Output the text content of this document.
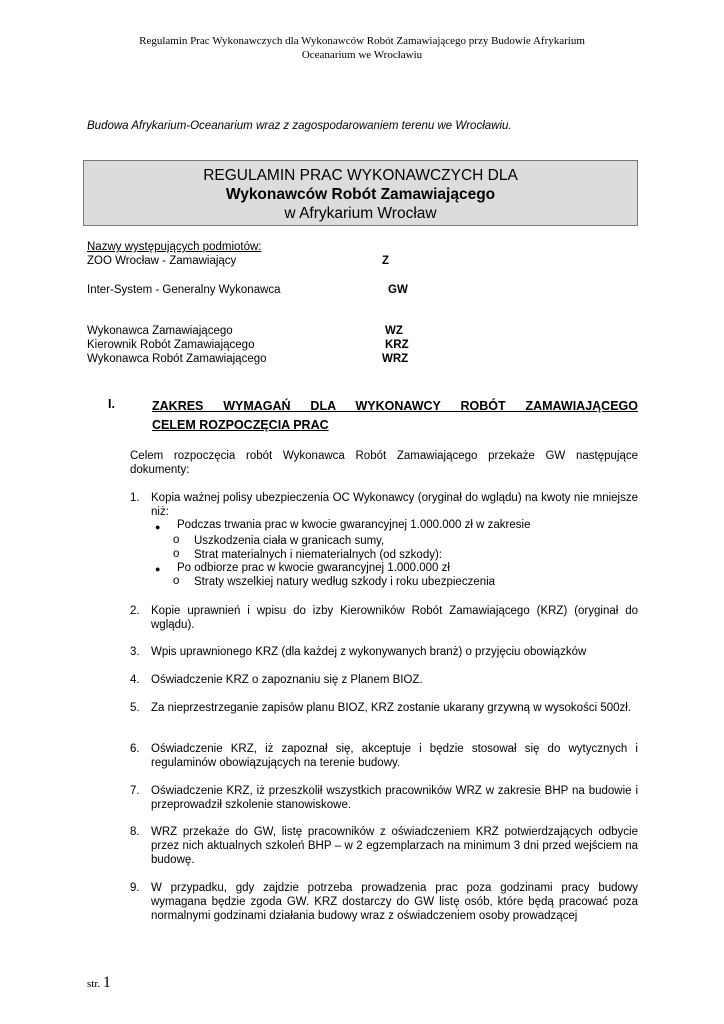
Regulamin Prac Wykonawczych dla Wykonawców Robót Zamawiającego przy Budowie Afrykarium
Oceanarium we Wrocławiu
Budowa Afrykarium-Oceanarium wraz z zagospodarowaniem terenu we Wrocławiu.
REGULAMIN PRAC WYKONAWCZYCH DLA
Wykonawców Robót Zamawiającego
w Afrykarium Wrocław
Nazwy występujących podmiotów:
ZOO Wrocław - Zamawiający	Z
Inter-System - Generalny Wykonawca	GW
Wykonawca Zamawiającego	WZ
Kierownik Robót Zamawiającego	KRZ
Wykonawca Robót Zamawiającego	WRZ
I.	ZAKRES WYMAGAŃ DLA WYKONAWCY ROBÓT ZAMAWIAJĄCEGO
CELEM ROZPOCZĘCIA PRAC
Celem rozpoczęcia robót Wykonawca Robót Zamawiającego przekaże GW następujące dokumenty:
1. Kopia ważnej polisy ubezpieczenia OC Wykonawcy (oryginał do wglądu) na kwoty nie mniejsze niż:
● Podczas trwania prac w kwocie gwarancyjnej 1.000.000 zł w zakresie
o Uszkodzenia ciała w granicach sumy,
o Strat materialnych i niematerialnych (od szkody):
● Po odbiorze prac w kwocie gwarancyjnej 1.000.000 zł
o Straty wszelkiej natury według szkody i roku ubezpieczenia
2. Kopie uprawnień i wpisu do izby Kierowników Robót Zamawiającego (KRZ) (oryginał do wglądu).
3. Wpis uprawnionego KRZ (dla każdej z wykonywanych branż) o przyjęciu obowiązków
4. Oświadczenie KRZ o zapoznaniu się z Planem BIOZ.
5. Za nieprzestrzeganie zapisów planu BIOZ, KRZ zostanie ukarany grzywną w wysokości 500zł.
6. Oświadczenie KRZ, iż zapoznał się, akceptuje i będzie stosował się do wytycznych i regulaminów obowiązujących na terenie budowy.
7. Oświadczenie KRZ, iż przeszkolił wszystkich pracowników WRZ w zakresie BHP na budowie i przeprowadził szkolenie stanowiskowe.
8. WRZ przekaże do GW, listę pracowników z oświadczeniem KRZ potwierdzających odbycie przez nich aktualnych szkoleń BHP – w 2 egzemplarzach na minimum 3 dni przed wejściem na budowę.
9. W przypadku, gdy zajdzie potrzeba prowadzenia prac poza godzinami pracy budowy wymagana będzie zgoda GW. KRZ dostarczy do GW listę osób, które będą pracować poza normalnymi godzinami działania budowy wraz z oświadczeniem osoby prowadzącej
str. 1
